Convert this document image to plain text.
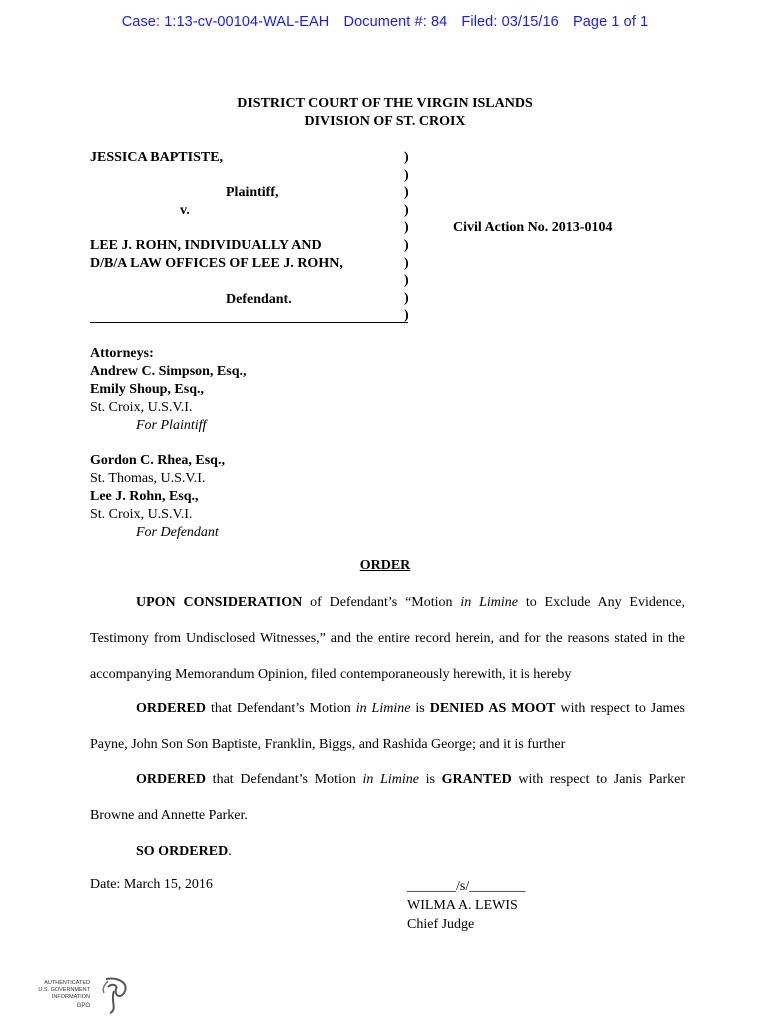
Case: 1:13-cv-00104-WAL-EAH Document #: 84 Filed: 03/15/16 Page 1 of 1
DISTRICT COURT OF THE VIRGIN ISLANDS
DIVISION OF ST. CROIX
JESSICA BAPTISTE,
Plaintiff,
v.
LEE J. ROHN, INDIVIDUALLY AND
D/B/A LAW OFFICES OF LEE J. ROHN,
Defendant.
)
)
)
)
)
)
)
)
)
)
Civil Action No. 2013-0104
Attorneys:
Andrew C. Simpson, Esq.,
Emily Shoup, Esq.,
St. Croix, U.S.V.I.
For Plaintiff
Gordon C. Rhea, Esq.,
St. Thomas, U.S.V.I.
Lee J. Rohn, Esq.,
St. Croix, U.S.V.I.
For Defendant
ORDER
UPON CONSIDERATION of Defendant’s “Motion in Limine to Exclude Any Evidence, Testimony from Undisclosed Witnesses,” and the entire record herein, and for the reasons stated in the accompanying Memorandum Opinion, filed contemporaneously herewith, it is hereby
ORDERED that Defendant’s Motion in Limine is DENIED AS MOOT with respect to James Payne, John Son Son Baptiste, Franklin, Biggs, and Rashida George; and it is further
ORDERED that Defendant’s Motion in Limine is GRANTED with respect to Janis Parker Browne and Annette Parker.
SO ORDERED.
Date: March 15, 2016	_______/s/________
WILMA A. LEWIS
Chief Judge
AUTHENTICATED
U.S. GOVERNMENT
INFORMATION
GPO
